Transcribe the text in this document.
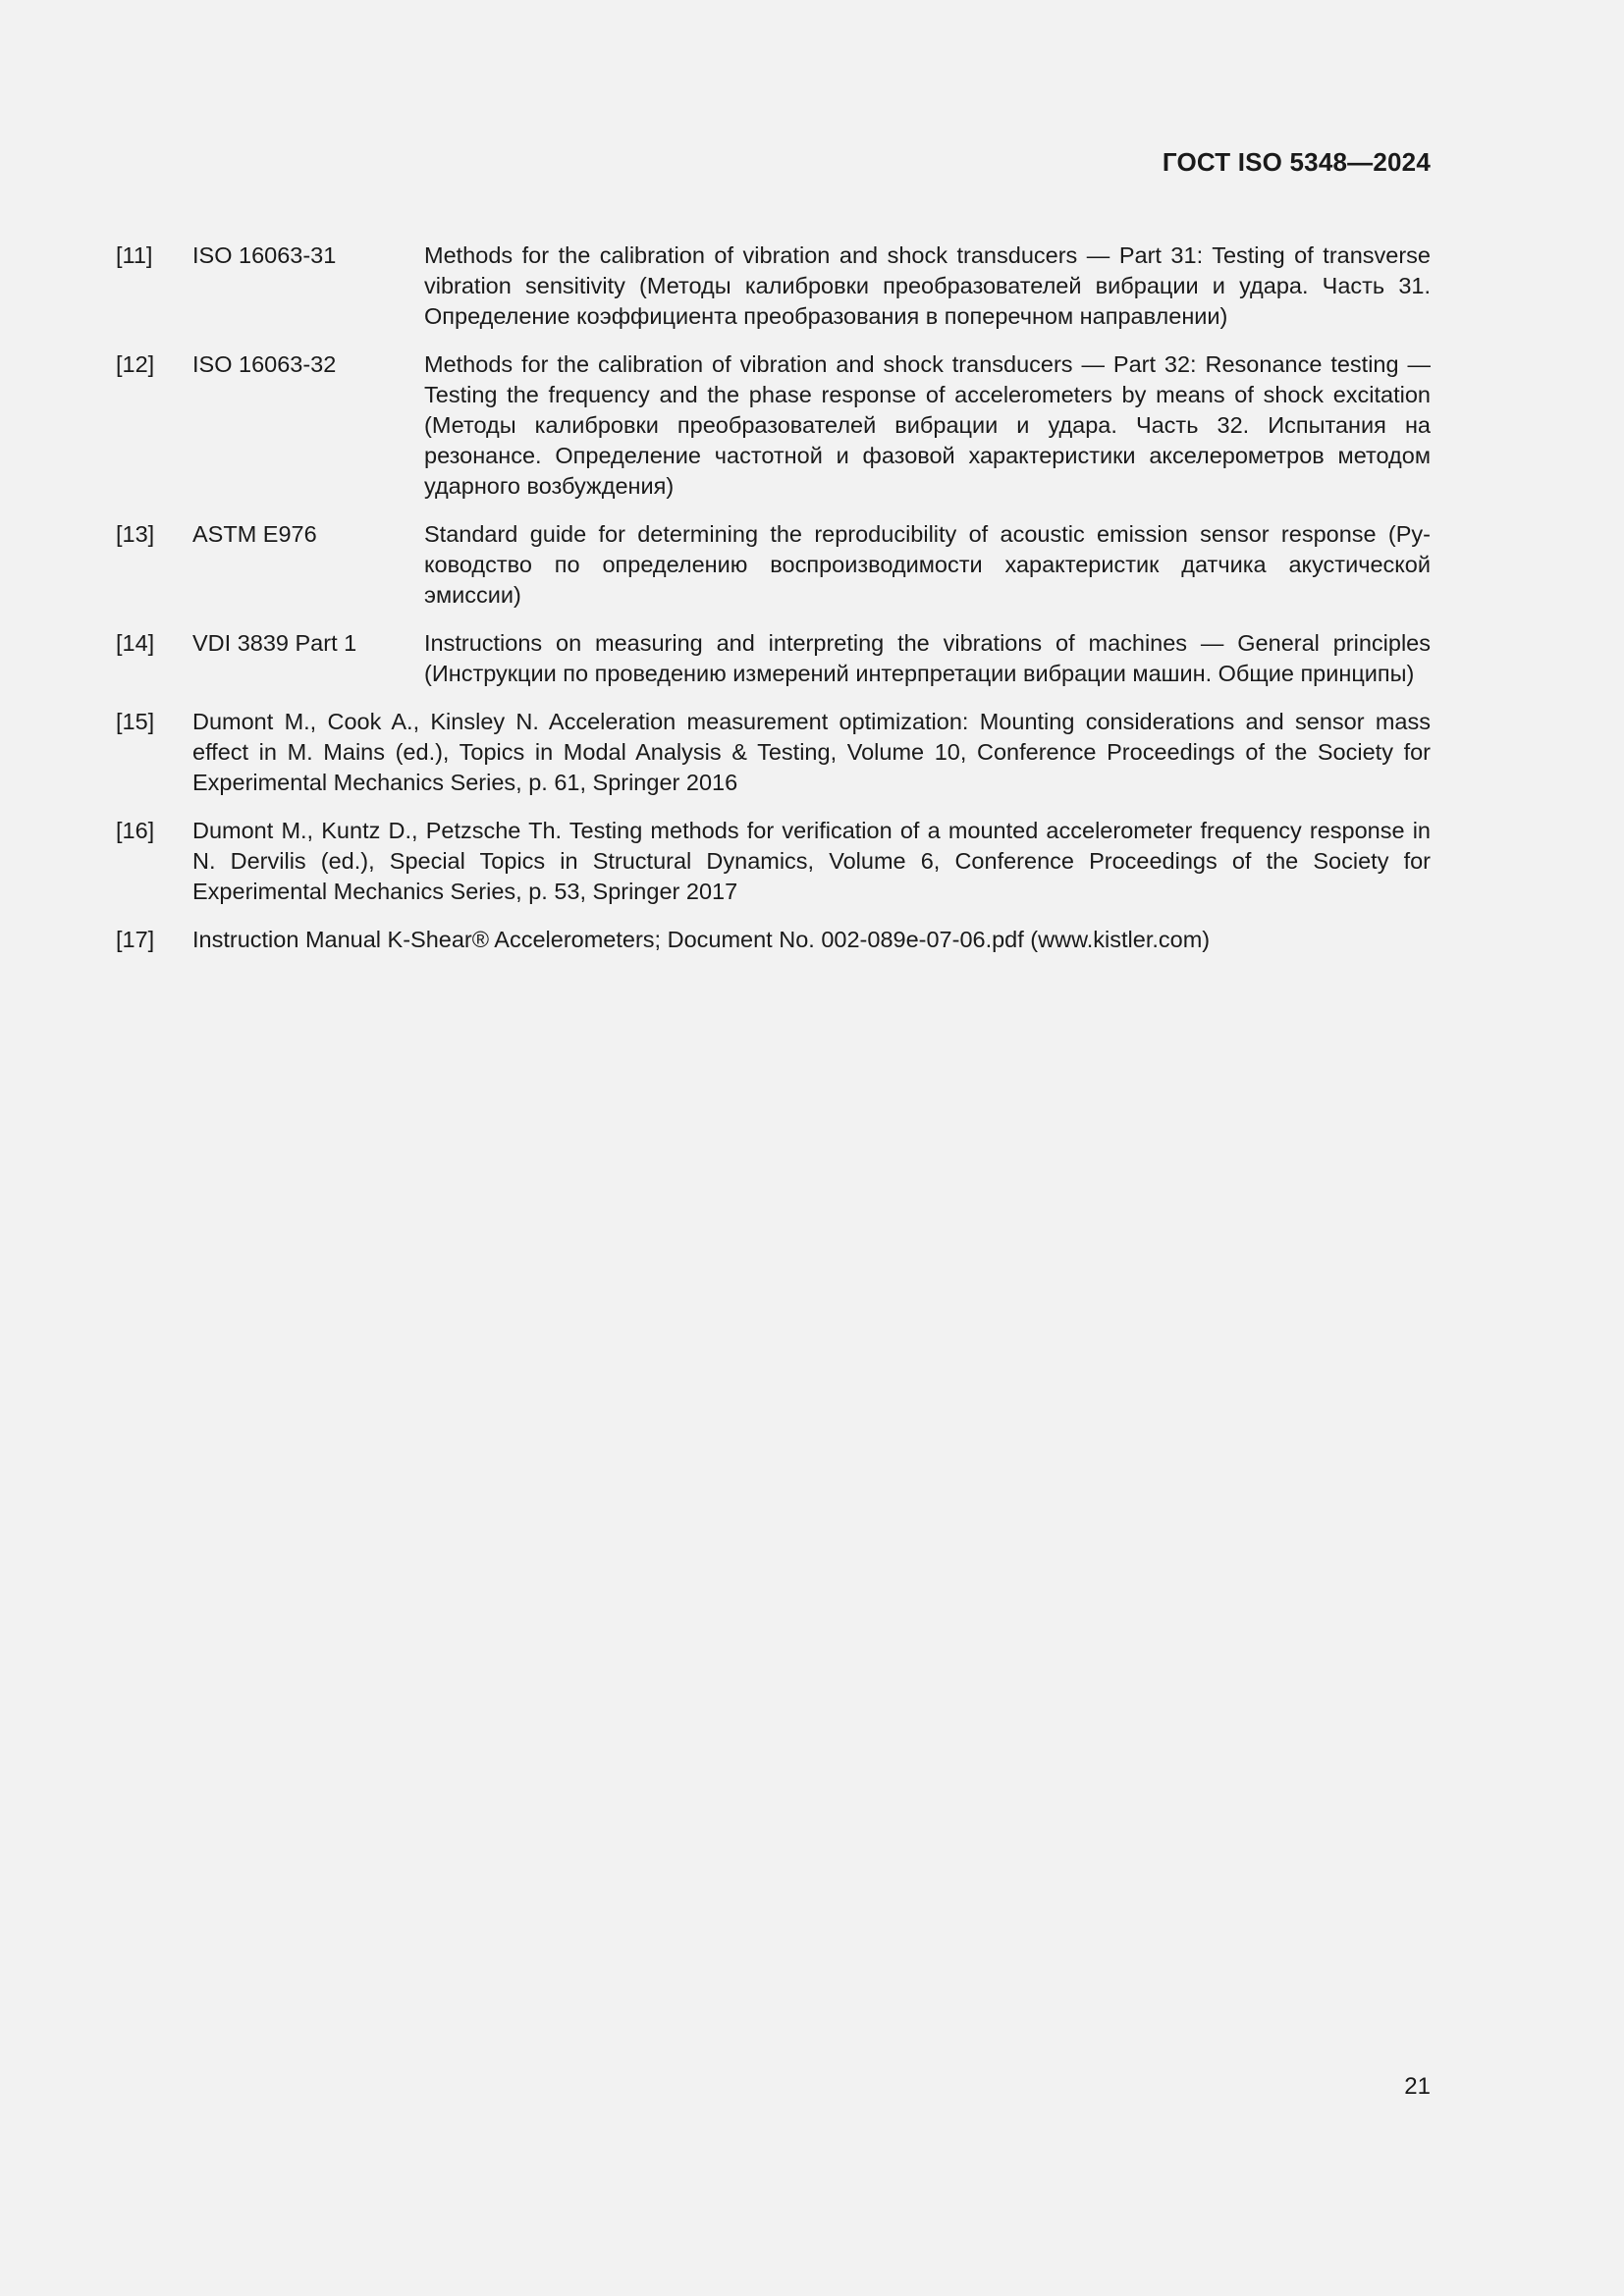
ГОСТ ISO 5348—2024
[11]	ISO 16063-31	Methods for the calibration of vibration and shock transducers — Part 31: Testing of transverse vibration sensitivity (Методы калибровки преобразователей вибрации и удара. Часть 31. Определение коэффициента преобразования в поперечном направлении)
[12]	ISO 16063-32	Methods for the calibration of vibration and shock transducers — Part 32: Resonance testing — Testing the frequency and the phase response of accelerometers by means of shock excitation (Методы калибровки преобразователей вибрации и удара. Часть 32. Испытания на резонансе. Определение частотной и фазовой характеристики акселерометров методом ударного возбуждения)
[13]	ASTM E976	Standard guide for determining the reproducibility of acoustic emission sensor response (Руководство по определению воспроизводимости характеристик датчика акустической эмиссии)
[14]	VDI 3839 Part 1	Instructions on measuring and interpreting the vibrations of machines — General principles (Инструкции по проведению измерений интерпретации вибрации машин. Общие принципы)
[15]	Dumont M., Cook A., Kinsley N. Acceleration measurement optimization: Mounting considerations and sensor mass effect in M. Mains (ed.), Topics in Modal Analysis & Testing, Volume 10, Conference Proceedings of the Society for Experimental Mechanics Series, p. 61, Springer 2016
[16]	Dumont M., Kuntz D., Petzsche Th. Testing methods for verification of a mounted accelerometer frequency response in N. Dervilis (ed.), Special Topics in Structural Dynamics, Volume 6, Conference Proceedings of the Society for Experimental Mechanics Series, p. 53, Springer 2017
[17]	Instruction Manual K-Shear® Accelerometers; Document No. 002-089e-07-06.pdf (www.kistler.com)
21
